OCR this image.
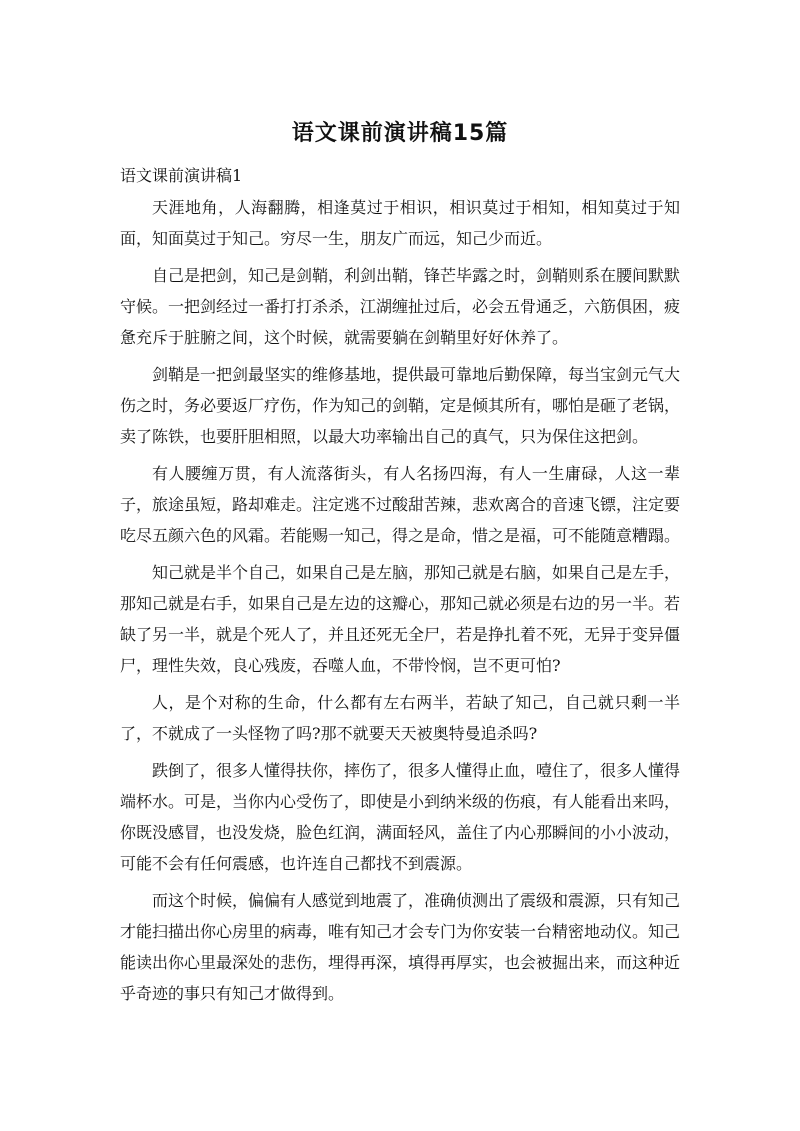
语文课前演讲稿15篇
语文课前演讲稿1

天涯地角，人海翻腾，相逢莫过于相识，相识莫过于相知，相知莫过于知面，知面莫过于知己。穷尽一生，朋友广而远，知己少而近。

自己是把剑，知己是剑鞘，利剑出鞘，锋芒毕露之时，剑鞘则系在腰间默默守候。一把剑经过一番打打杀杀，江湖缠扯过后，必会五骨通乏，六筋俱困，疲惫充斥于脏腑之间，这个时候，就需要躺在剑鞘里好好休养了。

剑鞘是一把剑最坚实的维修基地，提供最可靠地后勤保障，每当宝剑元气大伤之时，务必要返厂疗伤，作为知己的剑鞘，定是倾其所有，哪怕是砸了老锅，卖了陈铁，也要肝胆相照，以最大功率输出自己的真气，只为保住这把剑。

有人腰缠万贯，有人流落街头，有人名扬四海，有人一生庸碌，人这一辈子，旅途虽短，路却难走。注定逃不过酸甜苦辣，悲欢离合的音速飞镖，注定要吃尽五颜六色的风霜。若能赐一知己，得之是命，惜之是福，可不能随意糟蹋。

知己就是半个自己，如果自己是左脑，那知己就是右脑，如果自己是左手，那知己就是右手，如果自己是左边的这瓣心，那知己就必须是右边的另一半。若缺了另一半，就是个死人了，并且还死无全尸，若是挣扎着不死，无异于变异僵尸，理性失效，良心残废，吞噬人血，不带怜悯，岂不更可怕?

人，是个对称的生命，什么都有左右两半，若缺了知己，自己就只剩一半了，不就成了一头怪物了吗?那不就要天天被奥特曼追杀吗?

跌倒了，很多人懂得扶你，摔伤了，很多人懂得止血，噎住了，很多人懂得端杯水。可是，当你内心受伤了，即使是小到纳米级的伤痕，有人能看出来吗，你既没感冒，也没发烧，脸色红润，满面轻风，盖住了内心那瞬间的小小波动，可能不会有任何震感，也许连自己都找不到震源。

而这个时候，偏偏有人感觉到地震了，准确侦测出了震级和震源，只有知己才能扫描出你心房里的病毒，唯有知己才会专门为你安装一台精密地动仪。知己能读出你心里最深处的悲伤，埋得再深，填得再厚实，也会被掘出来，而这种近乎奇迹的事只有知己才做得到。
